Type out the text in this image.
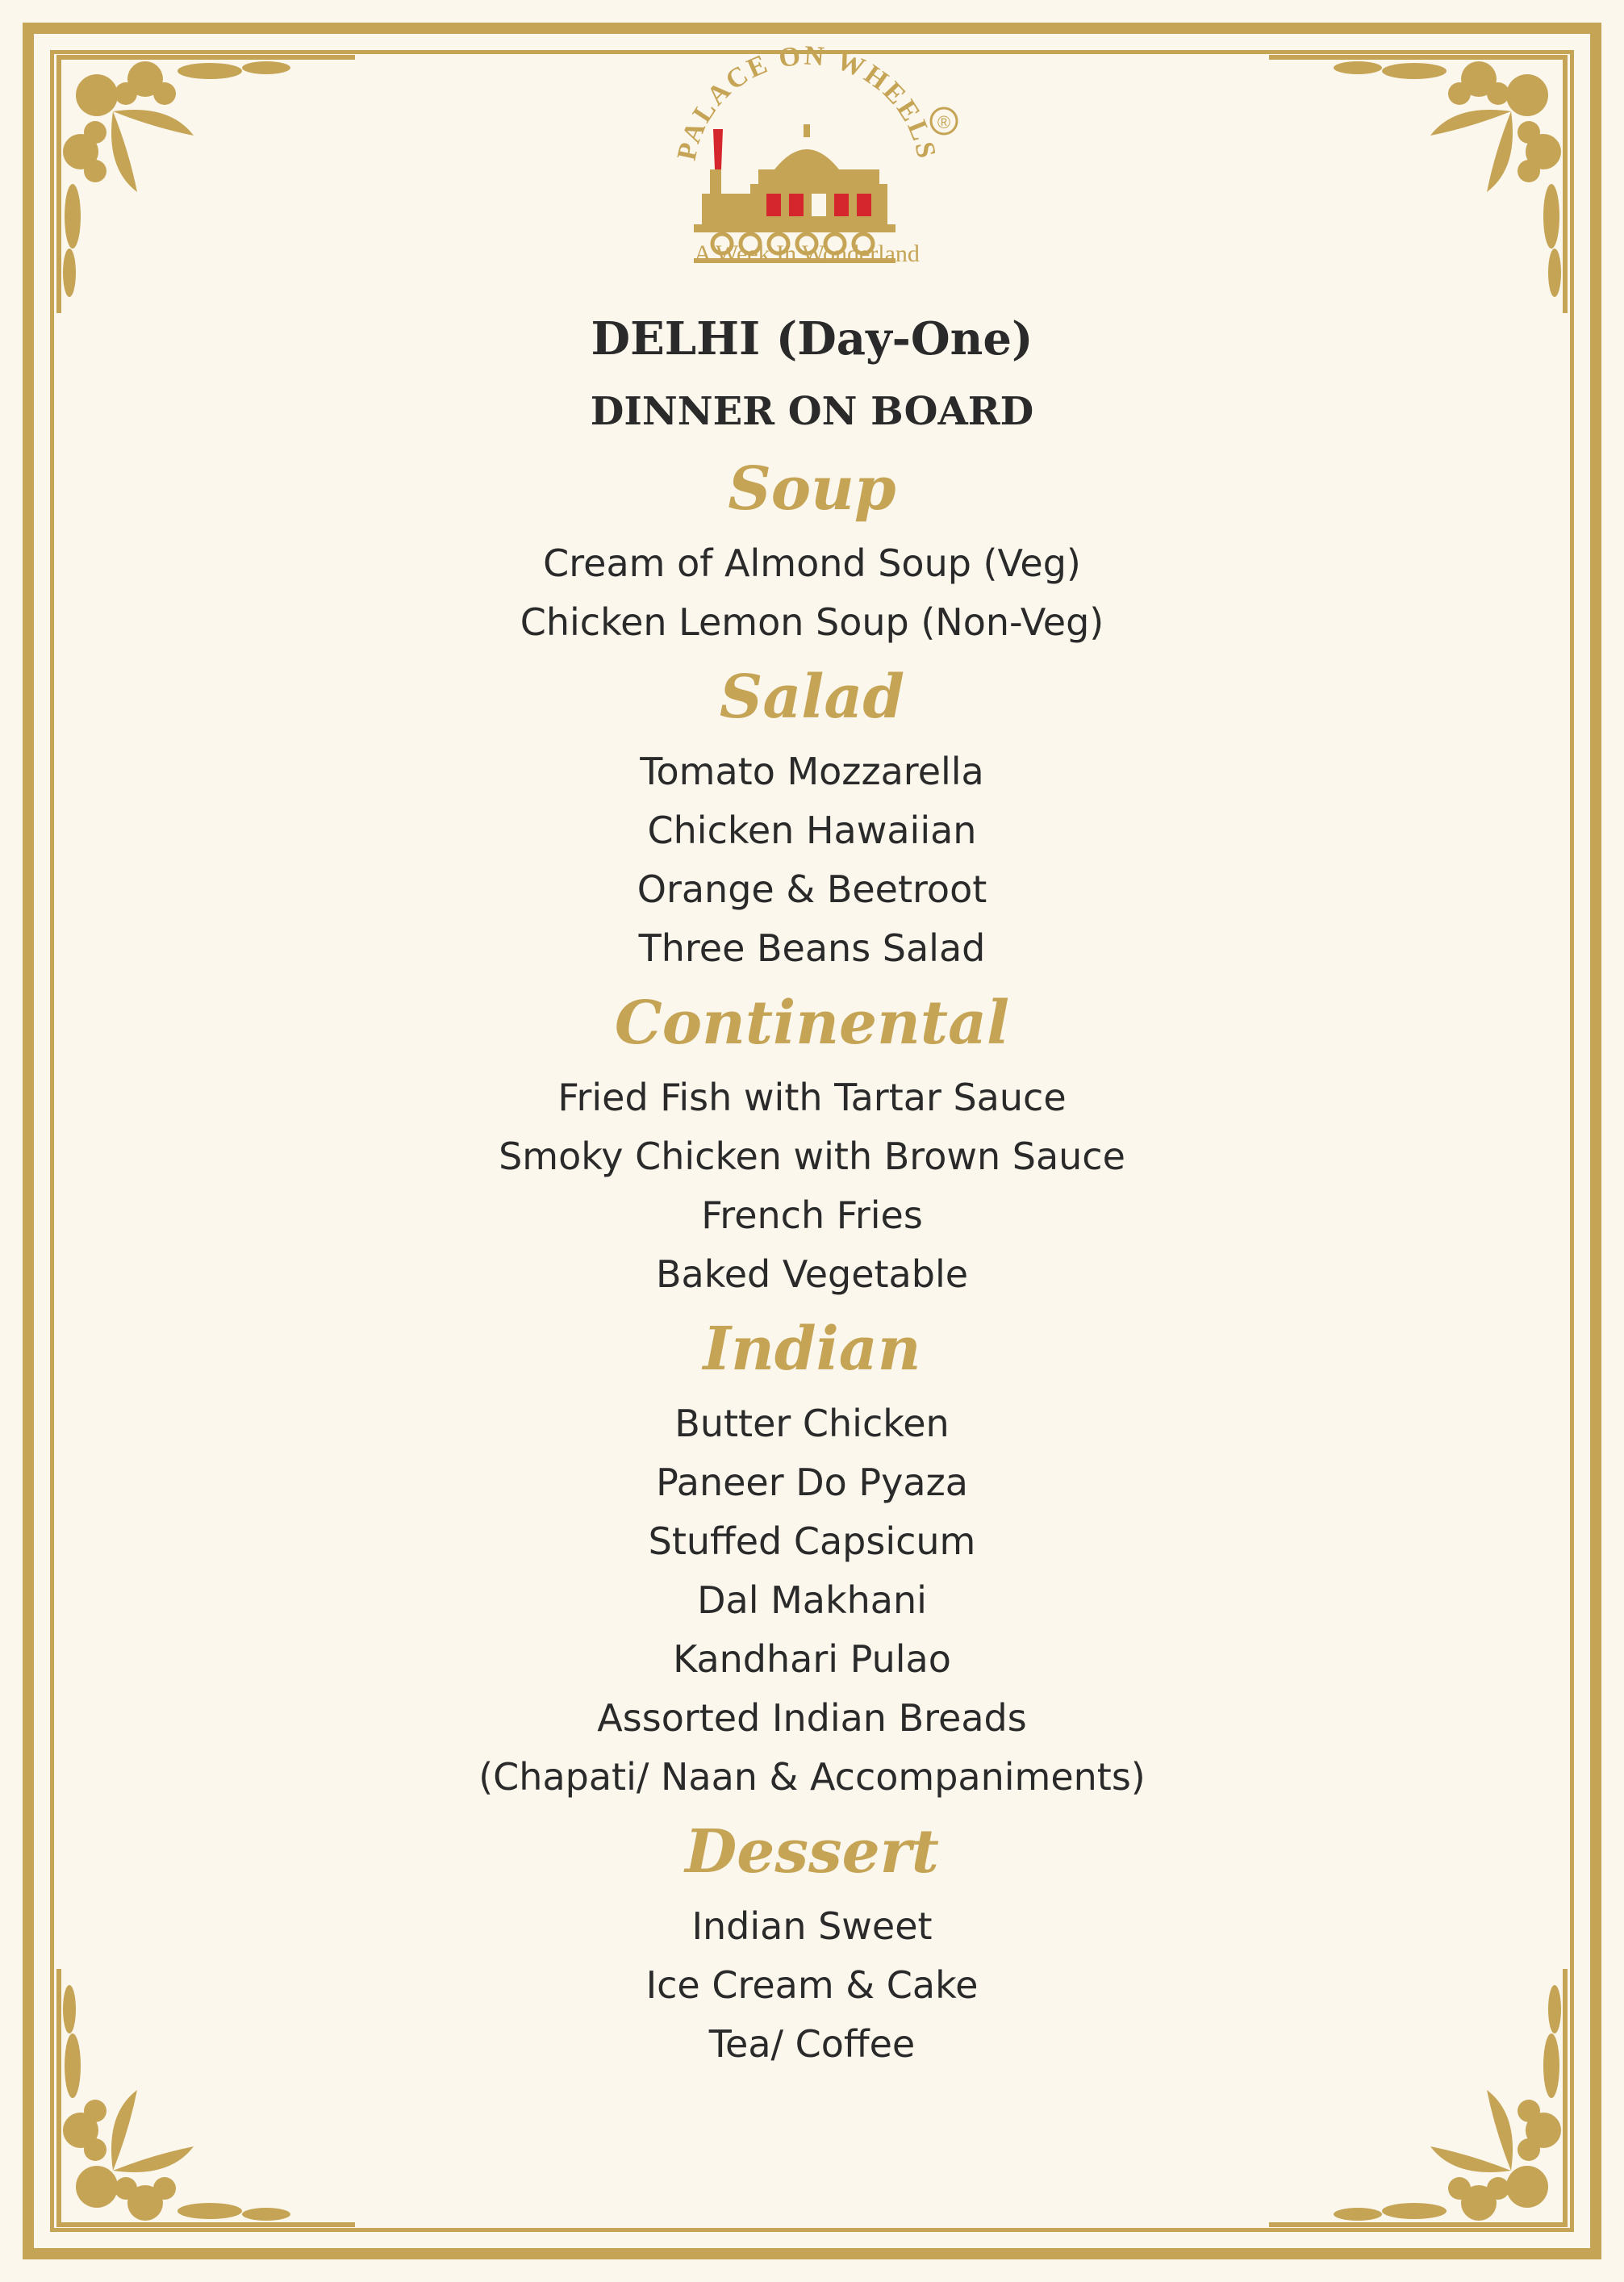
PALACE ON WHEELS
®
A Week In Wonderland
DELHI (Day-One)
DINNER ON BOARD
Soup

Cream of Almond Soup (Veg)

Chicken Lemon Soup (Non-Veg)

Salad

Tomato Mozzarella

Chicken Hawaiian

Orange & Beetroot

Three Beans Salad

Continental

Fried Fish with Tartar Sauce

Smoky Chicken with Brown Sauce

French Fries

Baked Vegetable

Indian

Butter Chicken

Paneer Do Pyaza

Stuffed Capsicum

Dal Makhani

Kandhari Pulao

Assorted Indian Breads

(Chapati/ Naan & Accompaniments)

Dessert

Indian Sweet

Ice Cream & Cake

Tea/ Coffee
